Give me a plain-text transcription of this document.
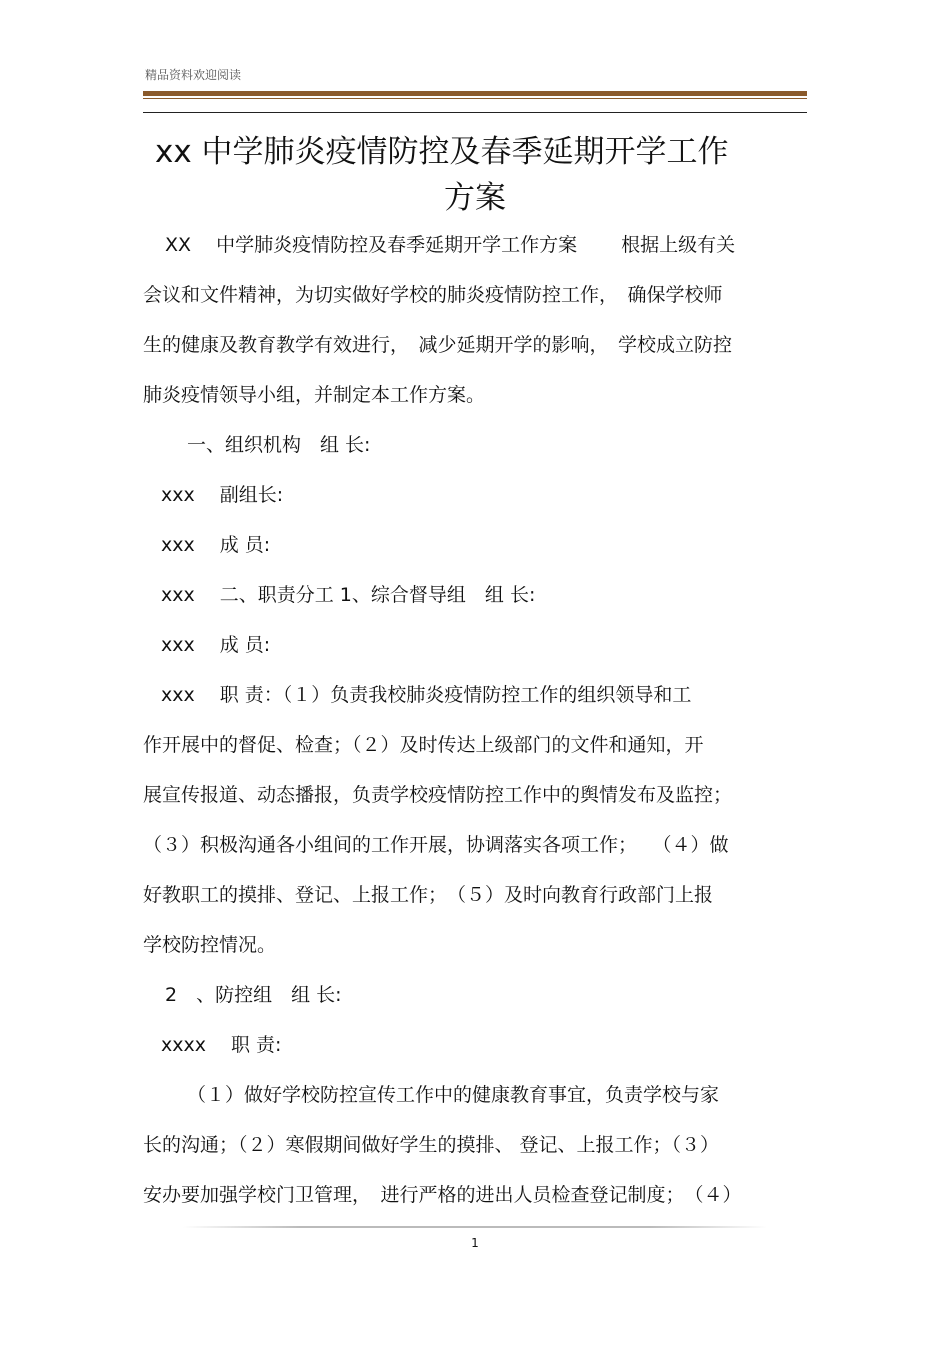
精品资料欢迎阅读
xx 中学肺炎疫情防控及春季延期开学工作
方案
XX　 中学肺炎疫情防控及春季延期开学工作方案　　 根据上级有关
会议和文件精神，为切实做好学校的肺炎疫情防控工作，　确保学校师
生的健康及教育教学有效进行，　减少延期开学的影响，　学校成立防控
肺炎疫情领导小组，并制定本工作方案。
一、组织机构　组 长:
xxx　 副组长:
xxx　 成 员:
xxx　 二、职责分工 1、综合督导组　组 长:
xxx　 成 员:
xxx　 职 责：（１）负责我校肺炎疫情防控工作的组织领导和工
作开展中的督促、检查；（２）及时传达上级部门的文件和通知，开
展宣传报道、动态播报，负责学校疫情防控工作中的舆情发布及监控；
（３）积极沟通各小组间的工作开展，协调落实各项工作；　 （４）做
好教职工的摸排、登记、上报工作；　（５）及时向教育行政部门上报
学校防控情况。
2　、防控组　组 长:
xxxx　 职 责:
（１）做好学校防控宣传工作中的健康教育事宜，负责学校与家
长的沟通；（２）寒假期间做好学生的摸排、 登记、上报工作；（３）
安办要加强学校门卫管理，　进行严格的进出人员检查登记制度；　（４）
1
